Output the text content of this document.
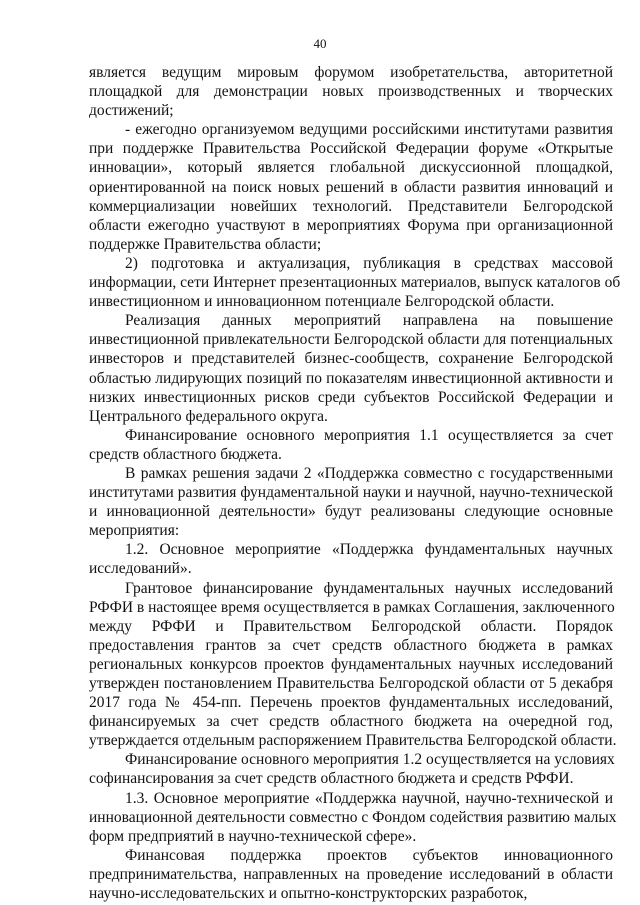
40
является ведущим мировым форумом изобретательства, авторитетной
площадкой для демонстрации новых производственных и творческих
достижений;
- ежегодно организуемом ведущими российскими институтами развития
при поддержке Правительства Российской Федерации форуме «Открытые
инновации», который является глобальной дискуссионной площадкой,
ориентированной на поиск новых решений в области развития инноваций и
коммерциализации новейших технологий. Представители Белгородской
области ежегодно участвуют в мероприятиях Форума при организационной
поддержке Правительства области;
2) подготовка и актуализация, публикация в средствах массовой
информации, сети Интернет презентационных материалов, выпуск каталогов об
инвестиционном и инновационном потенциале Белгородской области.
Реализация данных мероприятий направлена на повышение
инвестиционной привлекательности Белгородской области для потенциальных
инвесторов и представителей бизнес-сообществ, сохранение Белгородской
областью лидирующих позиций по показателям инвестиционной активности и
низких инвестиционных рисков среди субъектов Российской Федерации и
Центрального федерального округа.
Финансирование основного мероприятия 1.1 осуществляется за счет
средств областного бюджета.
В рамках решения задачи 2 «Поддержка совместно с государственными
институтами развития фундаментальной науки и научной, научно-технической
и инновационной деятельности» будут реализованы следующие основные
мероприятия:
1.2. Основное мероприятие «Поддержка фундаментальных научных
исследований».
Грантовое финансирование фундаментальных научных исследований
РФФИ в настоящее время осуществляется в рамках Соглашения, заключенного
между РФФИ и Правительством Белгородской области. Порядок
предоставления грантов за счет средств областного бюджета в рамках
региональных конкурсов проектов фундаментальных научных исследований
утвержден постановлением Правительства Белгородской области от 5 декабря
2017 года № 454-пп. Перечень проектов фундаментальных исследований,
финансируемых за счет средств областного бюджета на очередной год,
утверждается отдельным распоряжением Правительства Белгородской области.
Финансирование основного мероприятия 1.2 осуществляется на условиях
софинансирования за счет средств областного бюджета и средств РФФИ.
1.3. Основное мероприятие «Поддержка научной, научно-технической и
инновационной деятельности совместно с Фондом содействия развитию малых
форм предприятий в научно-технической сфере».
Финансовая поддержка проектов субъектов инновационного
предпринимательства, направленных на проведение исследований в области
научно-исследовательских и опытно-конструкторских разработок,
